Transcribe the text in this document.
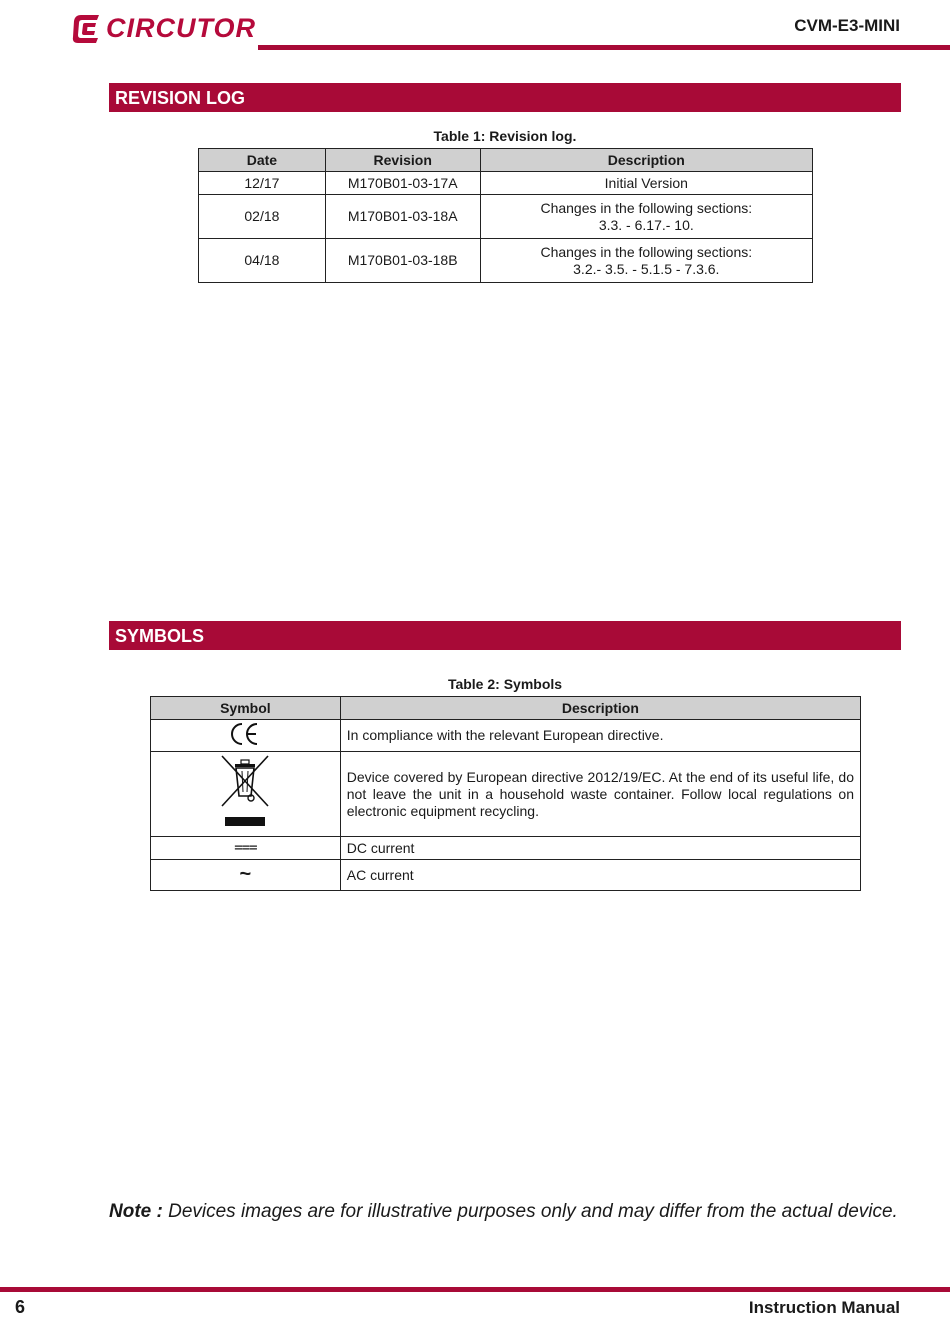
CIRCUTOR	CVM-E3-MINI
REVISION LOG
Table 1: Revision log.
Date	Revision	Description
12/17	M170B01-03-17A	Initial Version
02/18	M170B01-03-18A	Changes in the following sections:
3.3. - 6.17.- 10.

04/18	M170B01-03-18B	Changes in the following sections:
3.2.- 3.5. - 5.1.5 - 7.3.6.
SYMBOLS
Table 2: Symbols
Symbol	Description
	In compliance with the relevant European directive.
	Device covered by European directive 2012/19/EC. At the end of its useful life, do not leave the unit in a household waste container. Follow local regulations on electronic equipment recycling.
===	DC current
~	AC current
Note : Devices images are for illustrative purposes only and may differ from the actual device.
6	Instruction Manual
